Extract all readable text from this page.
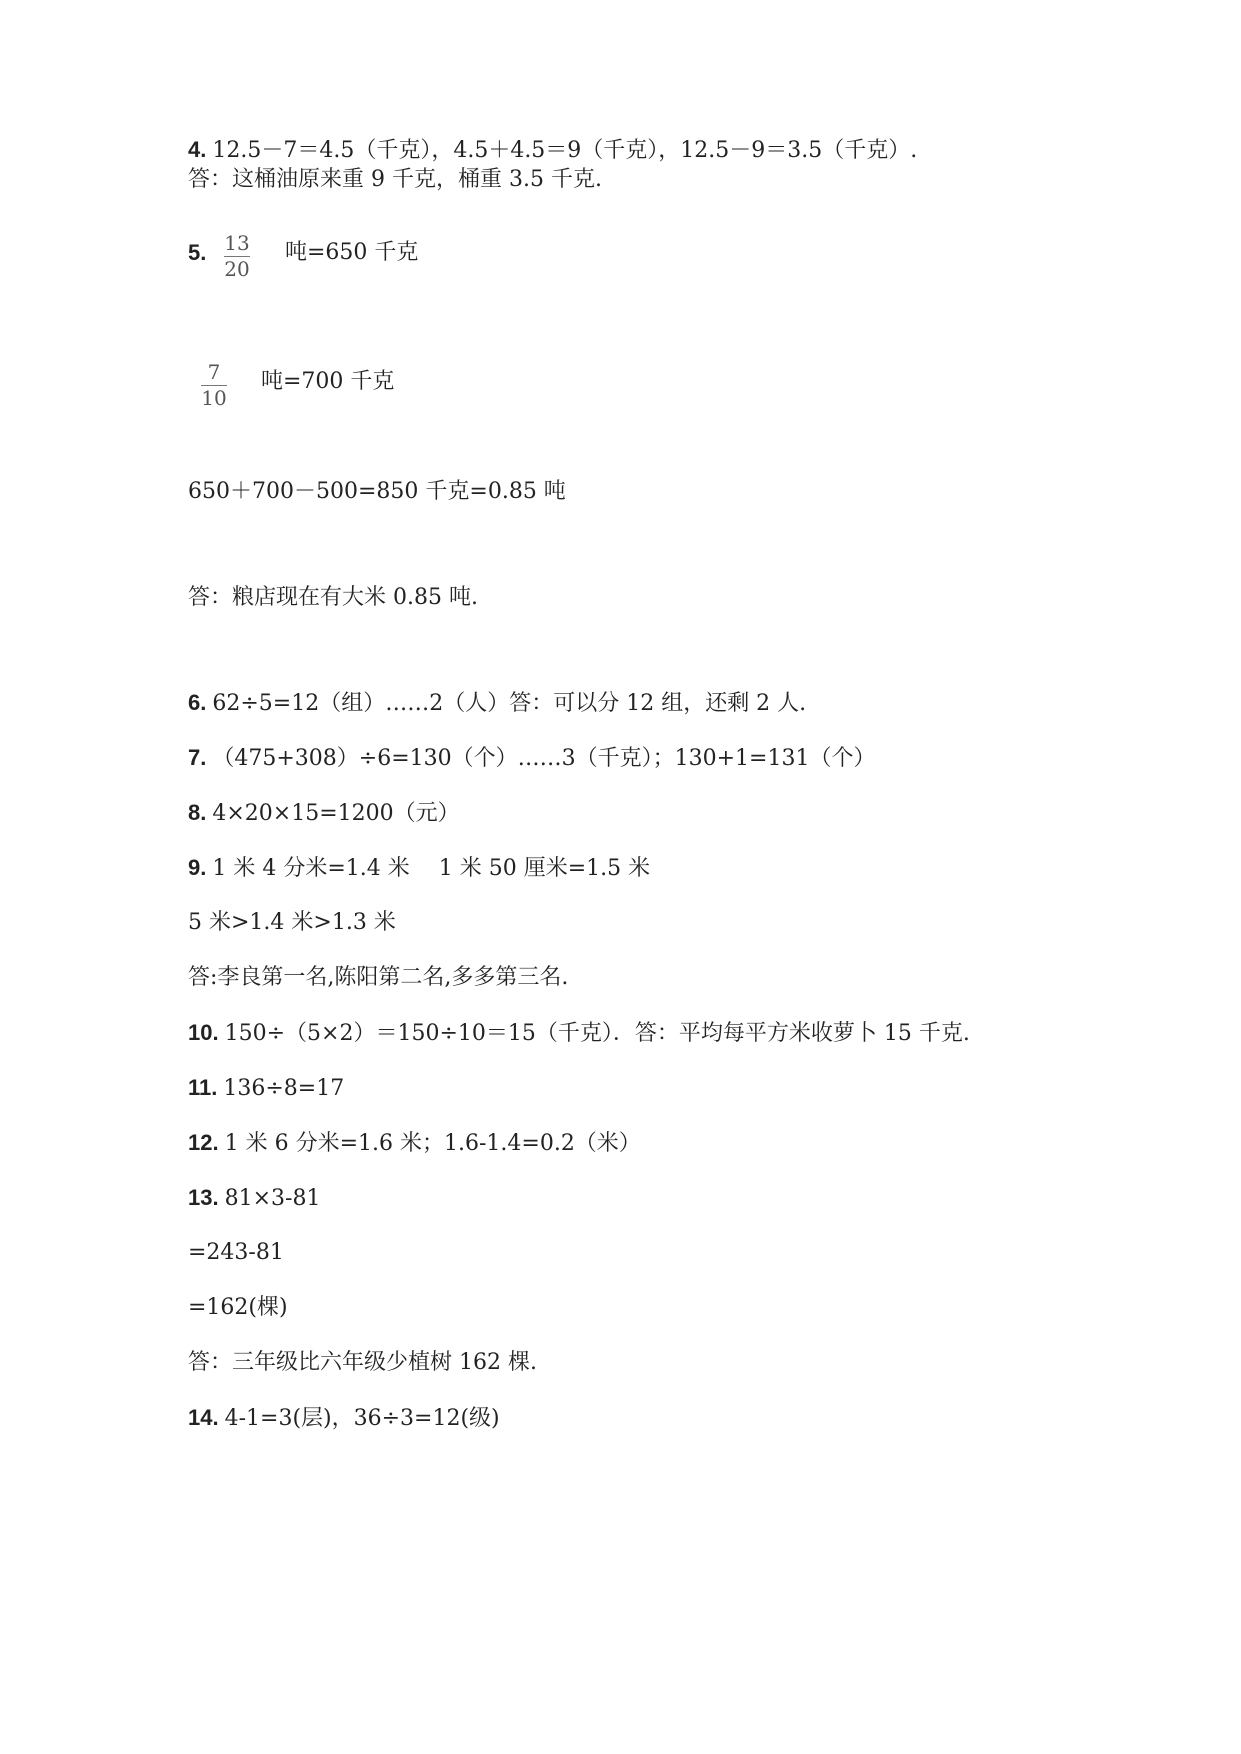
4. 12.5－7＝4.5（千克），4.5＋4.5＝9（千克），12.5－9＝3.5（千克）.
答：这桶油原来重 9 千克，桶重 3.5 千克.
5. 13
20
吨=650 千克
7
10
吨=700 千克
650＋700－500=850 千克=0.85 吨
答：粮店现在有大米 0.85 吨.
6. 62÷5=12（组）……2（人）答：可以分 12 组，还剩 2 人.
7. （475+308）÷6=130（个）……3（千克）；130+1=131（个）
8. 4×20×15=1200（元）
9. 1 米 4 分米=1.4 米　 1 米 50 厘米=1.5 米
5 米>1.4 米>1.3 米
答:李良第一名,陈阳第二名,多多第三名.
10. 150÷（5×2）＝150÷10＝15（千克）．答：平均每平方米收萝卜 15 千克.
11. 136÷8=17
12. 1 米 6 分米=1.6 米；1.6-1.4=0.2（米）
13. 81×3-81
=243-81
=162(棵)
答：三年级比六年级少植树 162 棵.
14. 4-1=3(层)，36÷3=12(级)
